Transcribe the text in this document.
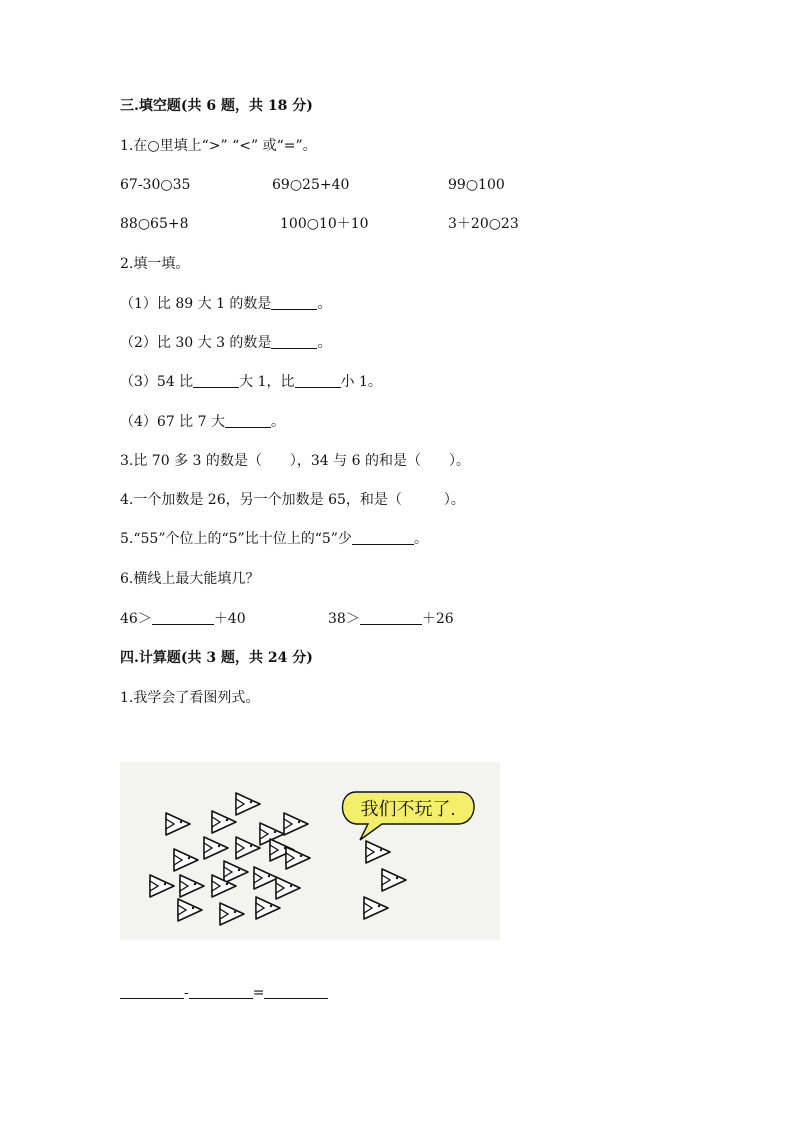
三.填空题(共 6 题，共 18 分)
1.在○里填上“>” “<” 或“=”。
67-30○35	69○25+40	99○100
88○65+8	100○10＋10	3＋20○23
2.填一填。
（1）比 89 大 1 的数是	。
（2）比 30 大 3 的数是	。
（3）54 比	大 1，比	小 1。
（4）67 比 7 大	。
3.比 70 多 3 的数是（　　），34 与 6 的和是（　　）。
4.一个加数是 26，另一个加数是 65，和是（　　　）。
5.“55”个位上的“5”比十位上的“5”少	。
6.横线上最大能填几？
46＞	＋40	38＞	＋26
四.计算题(共 3 题，共 24 分)
1.我学会了看图列式。
我们不玩了.
-	=
